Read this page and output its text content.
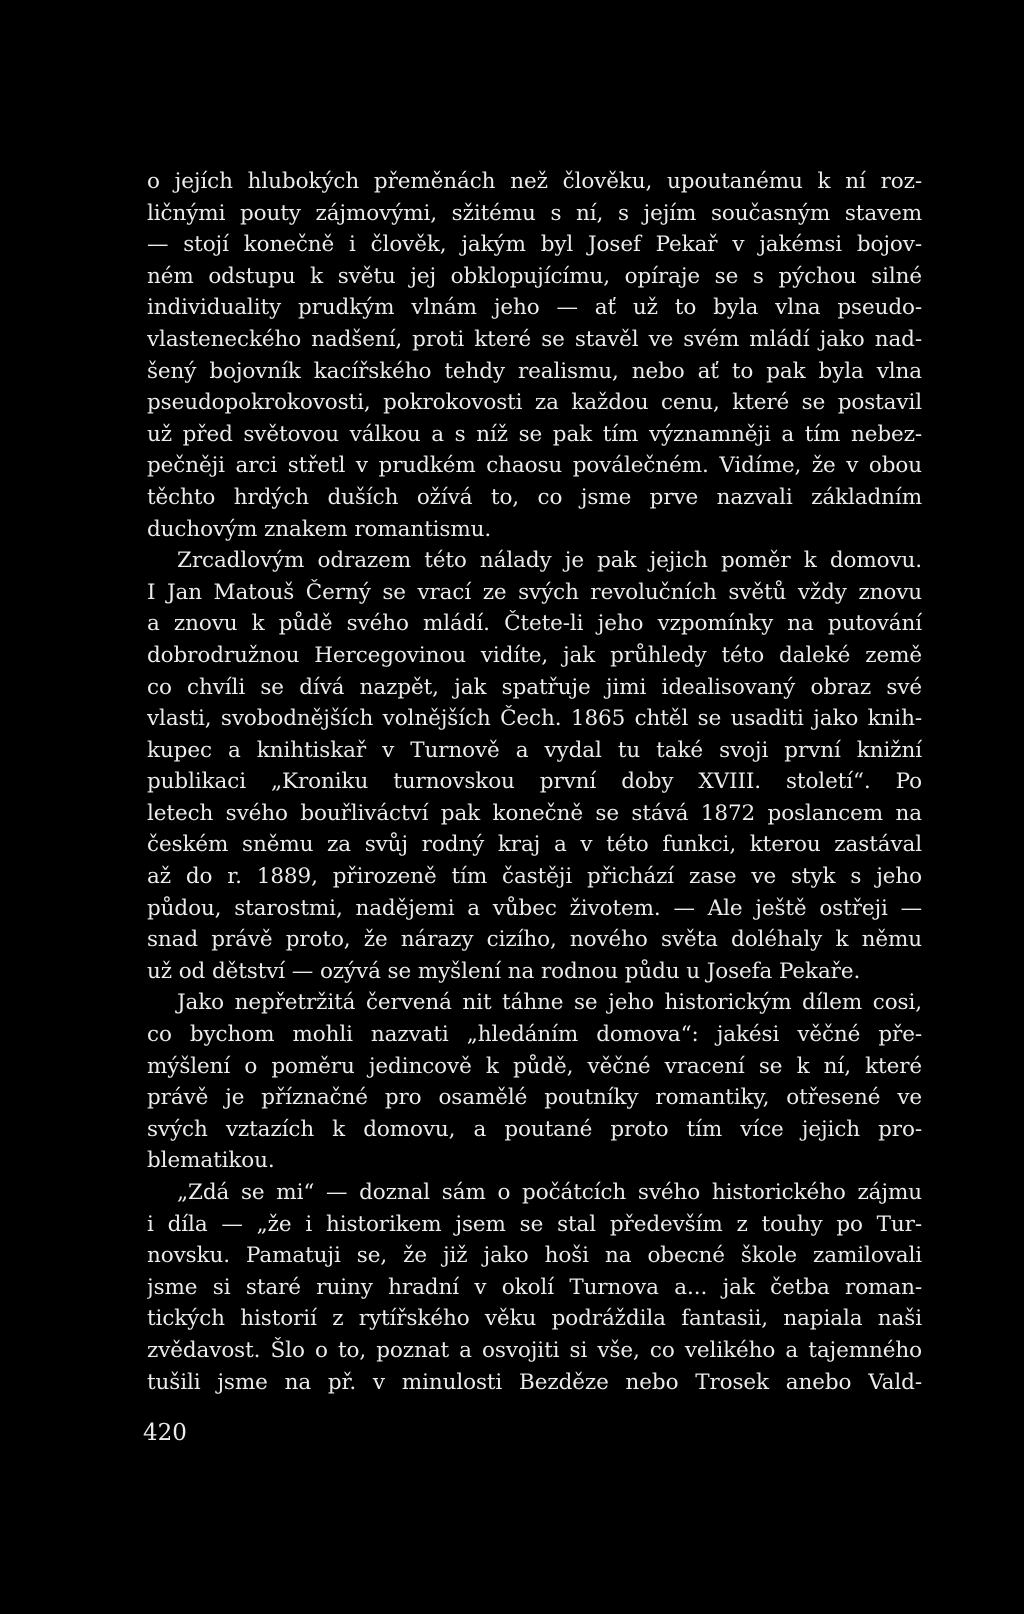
o jejích hlubokých přeměnách než člověku, upoutanému k ní roz-
ličnými pouty zájmovými, sžitému s ní, s jejím současným stavem
— stojí konečně i člověk, jakým byl Josef Pekař v jakémsi bojov-
ném odstupu k světu jej obklopujícímu, opíraje se s pýchou silné
individuality prudkým vlnám jeho — ať už to byla vlna pseudo-
vlasteneckého nadšení, proti které se stavěl ve svém mládí jako nad-
šený bojovník kacířského tehdy realismu, nebo ať to pak byla vlna
pseudopokrokovosti, pokrokovosti za každou cenu, které se postavil
už před světovou válkou a s níž se pak tím významněji a tím nebez-
pečněji arci střetl v prudkém chaosu poválečném. Vidíme, že v obou
těchto hrdých duších ožívá to, co jsme prve nazvali základním
duchovým znakem romantismu.
Zrcadlovým odrazem této nálady je pak jejich poměr k domovu.
I Jan Matouš Černý se vrací ze svých revolučních světů vždy znovu
a znovu k půdě svého mládí. Čtete-li jeho vzpomínky na putování
dobrodružnou Hercegovinou vidíte, jak průhledy této daleké země
co chvíli se dívá nazpět, jak spatřuje jimi idealisovaný obraz své
vlasti, svobodnějších volnějších Čech. 1865 chtěl se usaditi jako knih-
kupec a knihtiskař v Turnově a vydal tu také svoji první knižní
publikaci „Kroniku turnovskou první doby XVIII. století“. Po
letech svého bouřliváctví pak konečně se stává 1872 poslancem na
českém sněmu za svůj rodný kraj a v této funkci, kterou zastával
až do r. 1889, přirozeně tím častěji přichází zase ve styk s jeho
půdou, starostmi, nadějemi a vůbec životem. — Ale ještě ostřeji —
snad právě proto, že nárazy cizího, nového světa doléhaly k němu
už od dětství — ozývá se myšlení na rodnou půdu u Josefa Pekaře.
Jako nepřetržitá červená nit táhne se jeho historickým dílem cosi,
co bychom mohli nazvati „hledáním domova“: jakési věčné pře-
mýšlení o poměru jedincově k půdě, věčné vracení se k ní, které
právě je příznačné pro osamělé poutníky romantiky, otřesené ve
svých vztazích k domovu, a poutané proto tím více jejich pro-
blematikou.
„Zdá se mi“ — doznal sám o počátcích svého historického zájmu
i díla — „že i historikem jsem se stal především z touhy po Tur-
novsku. Pamatuji se, že již jako hoši na obecné škole zamilovali
jsme si staré ruiny hradní v okolí Turnova a... jak četba roman-
tických historií z rytířského věku podráždila fantasii, napiala naši
zvědavost. Šlo o to, poznat a osvojiti si vše, co velikého a tajemného
tušili jsme na př. v minulosti Bezdězе nebo Trosek anebo Vald-
420
